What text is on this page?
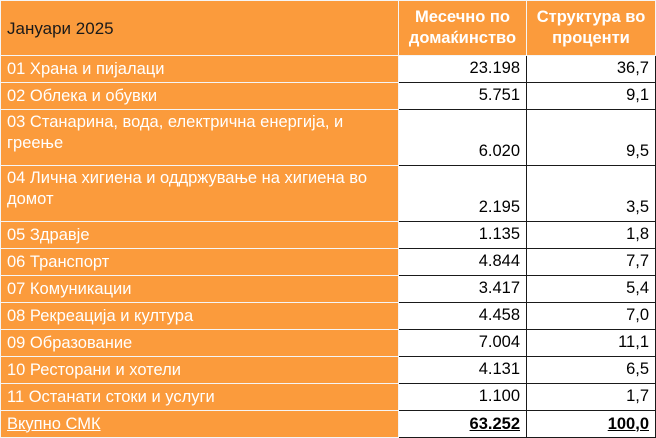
Јануари 2025	Месечно по домаќинство	Структура во проценти
01 Храна и пијалаци	23.198	36,7
02 Облека и обувки	5.751	9,1
03 Станарина, вода, електрична енергија, и греење	6.020	9,5
04 Лична хигиена и оддржување на хигиена во домот	2.195	3,5
05 Здравје	1.135	1,8
06 Транспорт	4.844	7,7
07 Комуникации	3.417	5,4
08 Рекреација и култура	4.458	7,0
09 Образование	7.004	11,1
10 Ресторани и хотели	4.131	6,5
11 Останати стоки и услуги	1.100	1,7
Вкупно СМК	63.252	100,0
